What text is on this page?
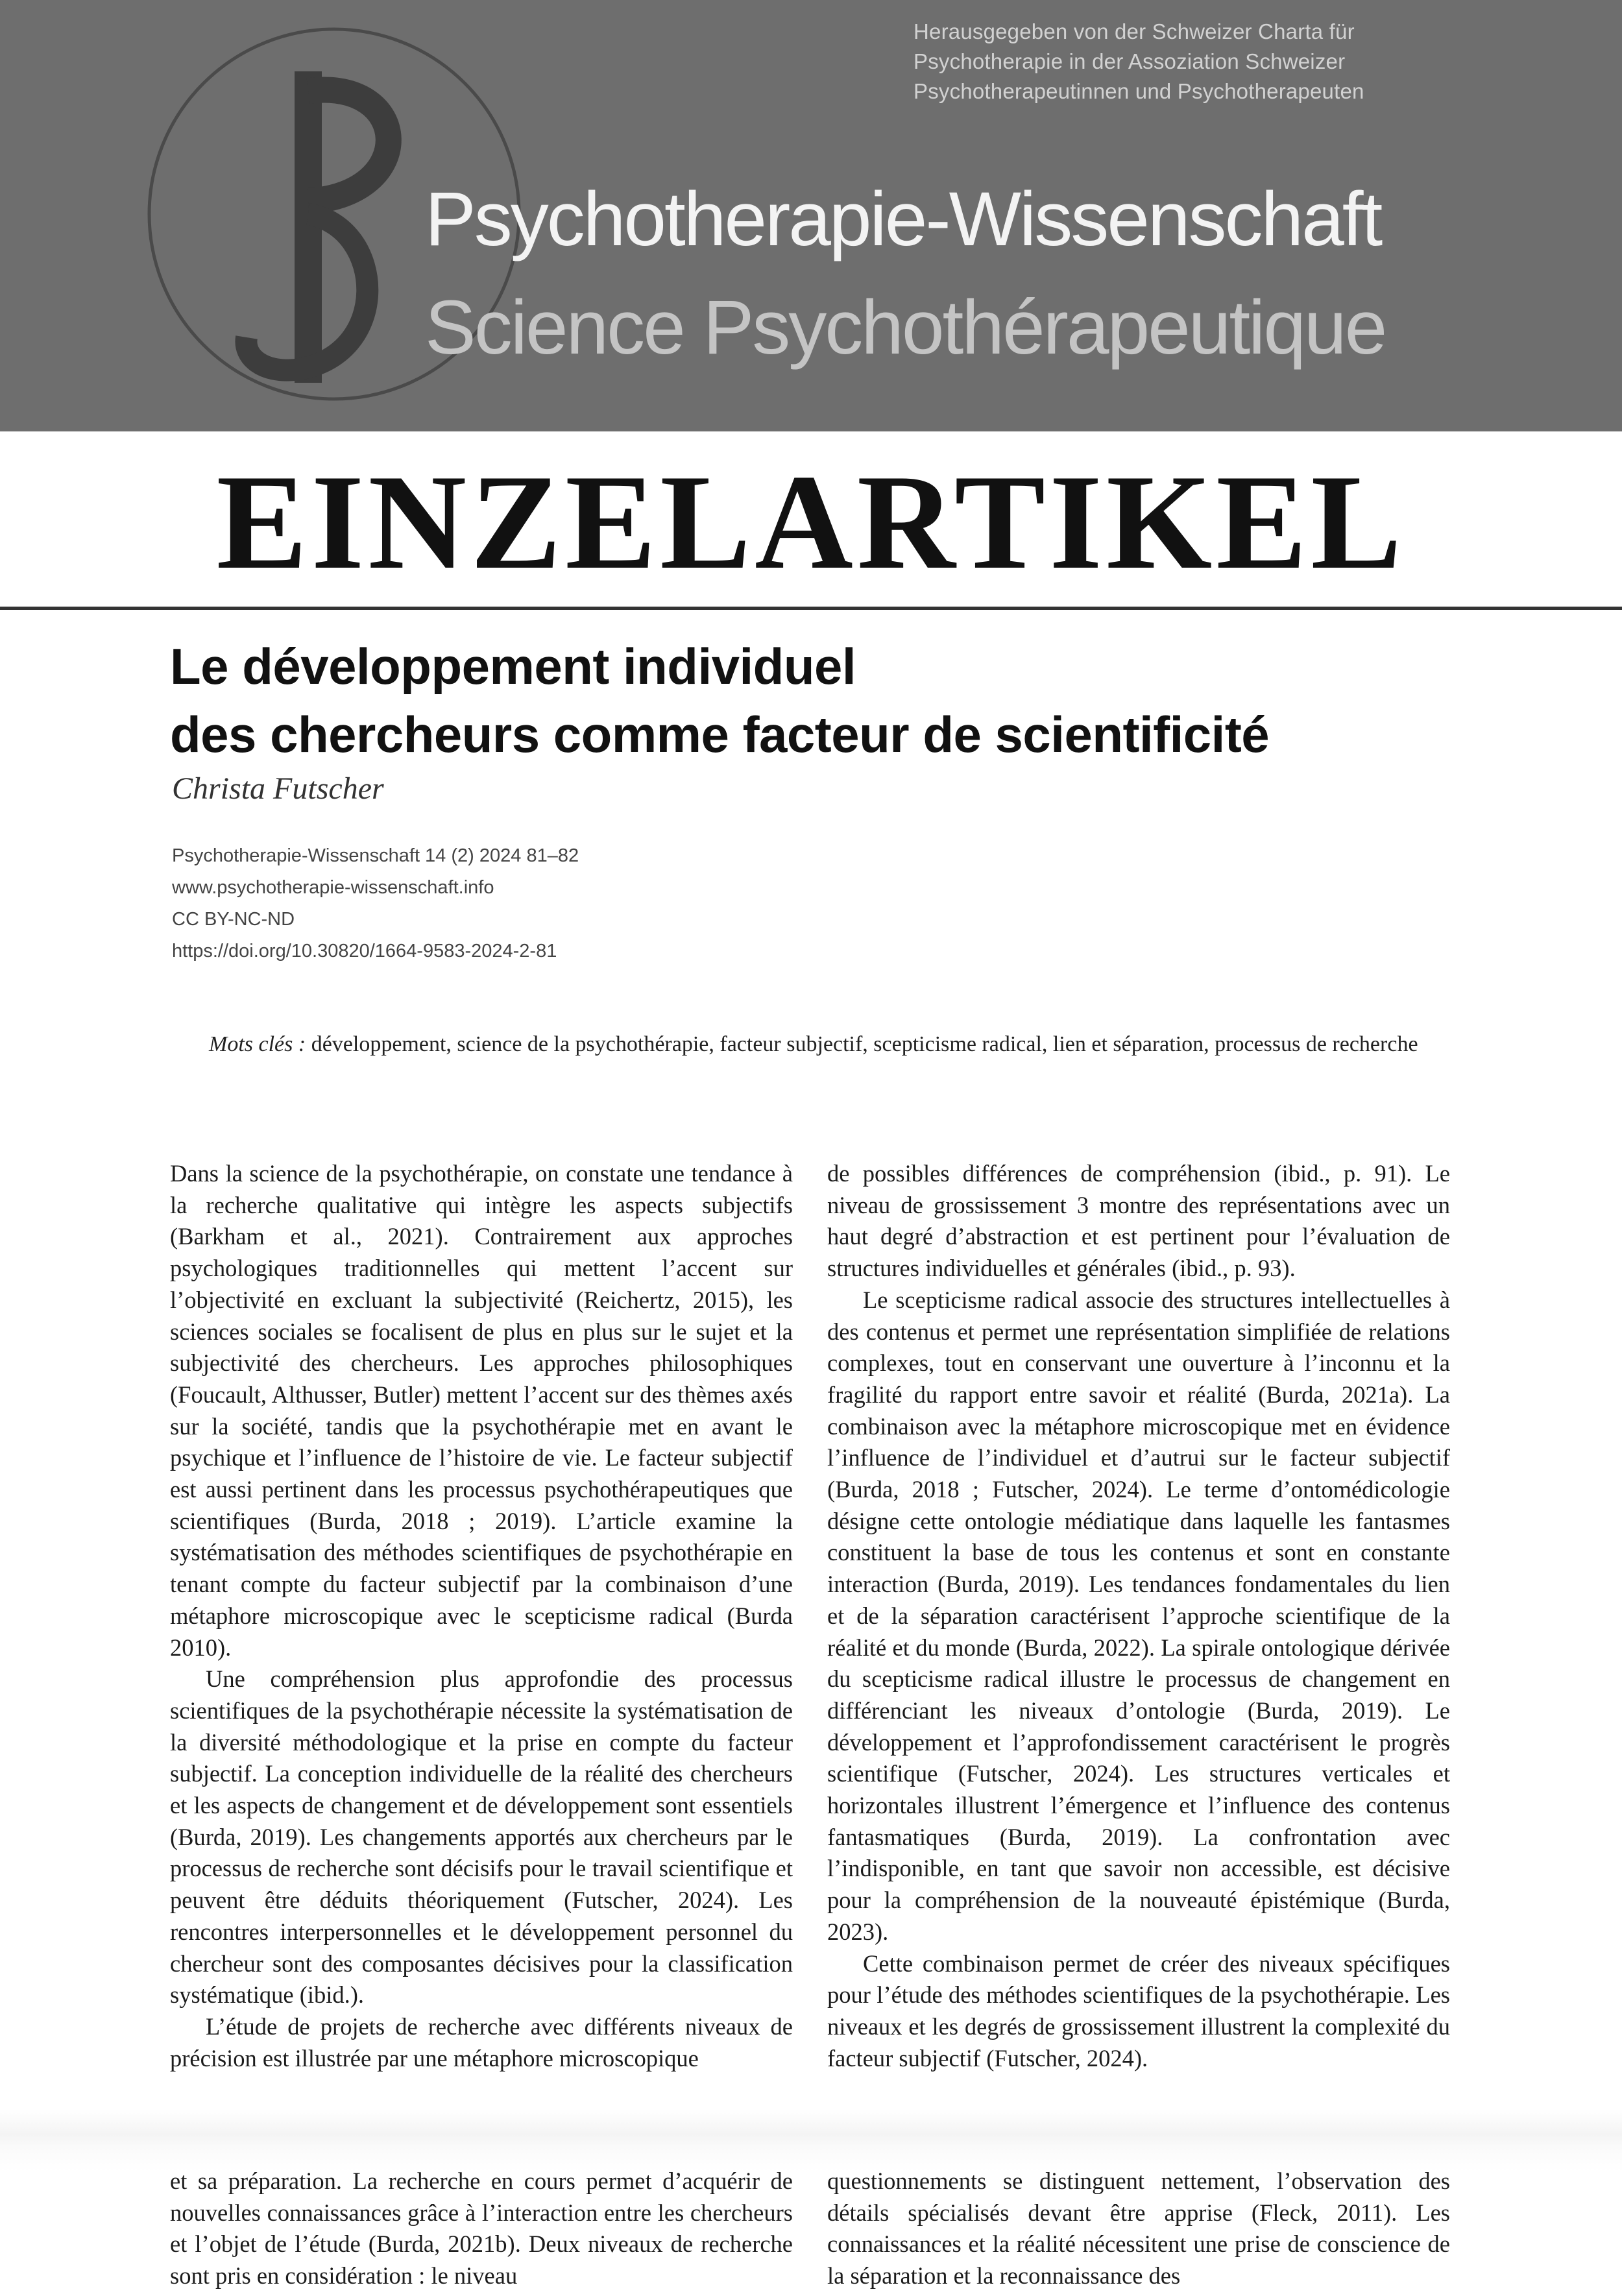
Herausgegeben von der Schweizer Charta für
Psychotherapie in der Assoziation Schweizer
Psychotherapeutinnen und Psychotherapeuten
Psychotherapie-Wissenschaft
Science Psychothérapeutique
EINZELARTIKEL
Le développement individuel
des chercheurs comme facteur de scientificité
Christa Futscher
Psychotherapie-Wissenschaft 14 (2) 2024 81–82
www.psychotherapie-wissenschaft.info
CC BY-NC-ND
https://doi.org/10.30820/1664-9583-2024-2-81
Mots clés : développement, science de la psychothérapie, facteur subjectif, scepticisme radical, lien et séparation, processus de recherche

Dans la science de la psychothérapie, on constate une tendance à la recherche qualitative qui intègre les aspects subjectifs (Barkham et al., 2021). Contrairement aux approches psychologiques traditionnelles qui mettent l’accent sur l’objectivité en excluant la subjectivité (Reichertz, 2015), les sciences sociales se focalisent de plus en plus sur le sujet et la subjectivité des chercheurs. Les approches philosophiques (Foucault, Althusser, Butler) mettent l’accent sur des thèmes axés sur la société, tandis que la psychothérapie met en avant le psychique et l’influence de l’histoire de vie. Le facteur subjectif est aussi pertinent dans les processus psychothérapeutiques que scientifiques (Burda, 2018 ; 2019). L’article examine la systématisation des méthodes scientifiques de psychothérapie en tenant compte du facteur subjectif par la combinaison d’une métaphore microscopique avec le scepticisme radical (Burda 2010).

Une compréhension plus approfondie des processus scientifiques de la psychothérapie nécessite la systématisation de la diversité méthodologique et la prise en compte du facteur subjectif. La conception individuelle de la réalité des chercheurs et les aspects de changement et de développement sont essentiels (Burda, 2019). Les changements apportés aux chercheurs par le processus de recherche sont décisifs pour le travail scientifique et peuvent être déduits théoriquement (Futscher, 2024). Les rencontres interpersonnelles et le développement personnel du chercheur sont des composantes décisives pour la classification systématique (ibid.).

L’étude de projets de recherche avec différents niveaux de précision est illustrée par une métaphore microscopique

de possibles différences de compréhension (ibid., p. 91). Le niveau de grossissement 3 montre des représentations avec un haut degré d’abstraction et est pertinent pour l’évaluation de structures individuelles et générales (ibid., p. 93).

Le scepticisme radical associe des structures intellectuelles à des contenus et permet une représentation simplifiée de relations complexes, tout en conservant une ouverture à l’inconnu et la fragilité du rapport entre savoir et réalité (Burda, 2021a). La combinaison avec la métaphore microscopique met en évidence l’influence de l’individuel et d’autrui sur le facteur subjectif (Burda, 2018 ; Futscher, 2024). Le terme d’ontomédicologie désigne cette ontologie médiatique dans laquelle les fantasmes constituent la base de tous les contenus et sont en constante interaction (Burda, 2019). Les tendances fondamentales du lien et de la séparation caractérisent l’approche scientifique de la réalité et du monde (Burda, 2022). La spirale ontologique dérivée du scepticisme radical illustre le processus de changement en différenciant les niveaux d’ontologie (Burda, 2019). Le développement et l’approfondissement caractérisent le progrès scientifique (Futscher, 2024). Les structures verticales et horizontales illustrent l’émergence et l’influence des contenus fantasmatiques (Burda, 2019). La confrontation avec l’indisponible, en tant que savoir non accessible, est décisive pour la compréhension de la nouveauté épistémique (Burda, 2023).

Cette combinaison permet de créer des niveaux spécifiques pour l’étude des méthodes scientifiques de la psychothérapie. Les niveaux et les degrés de grossissement illustrent la complexité du facteur subjectif (Futscher, 2024).

et sa préparation. La recherche en cours permet d’acquérir de nouvelles connaissances grâce à l’interaction entre les chercheurs et l’objet de l’étude (Burda, 2021b). Deux niveaux de recherche sont pris en considération : le niveau

questionnements se distinguent nettement, l’observation des détails spécialisés devant être apprise (Fleck, 2011). Les connaissances et la réalité nécessitent une prise de conscience de la séparation et la reconnaissance des
